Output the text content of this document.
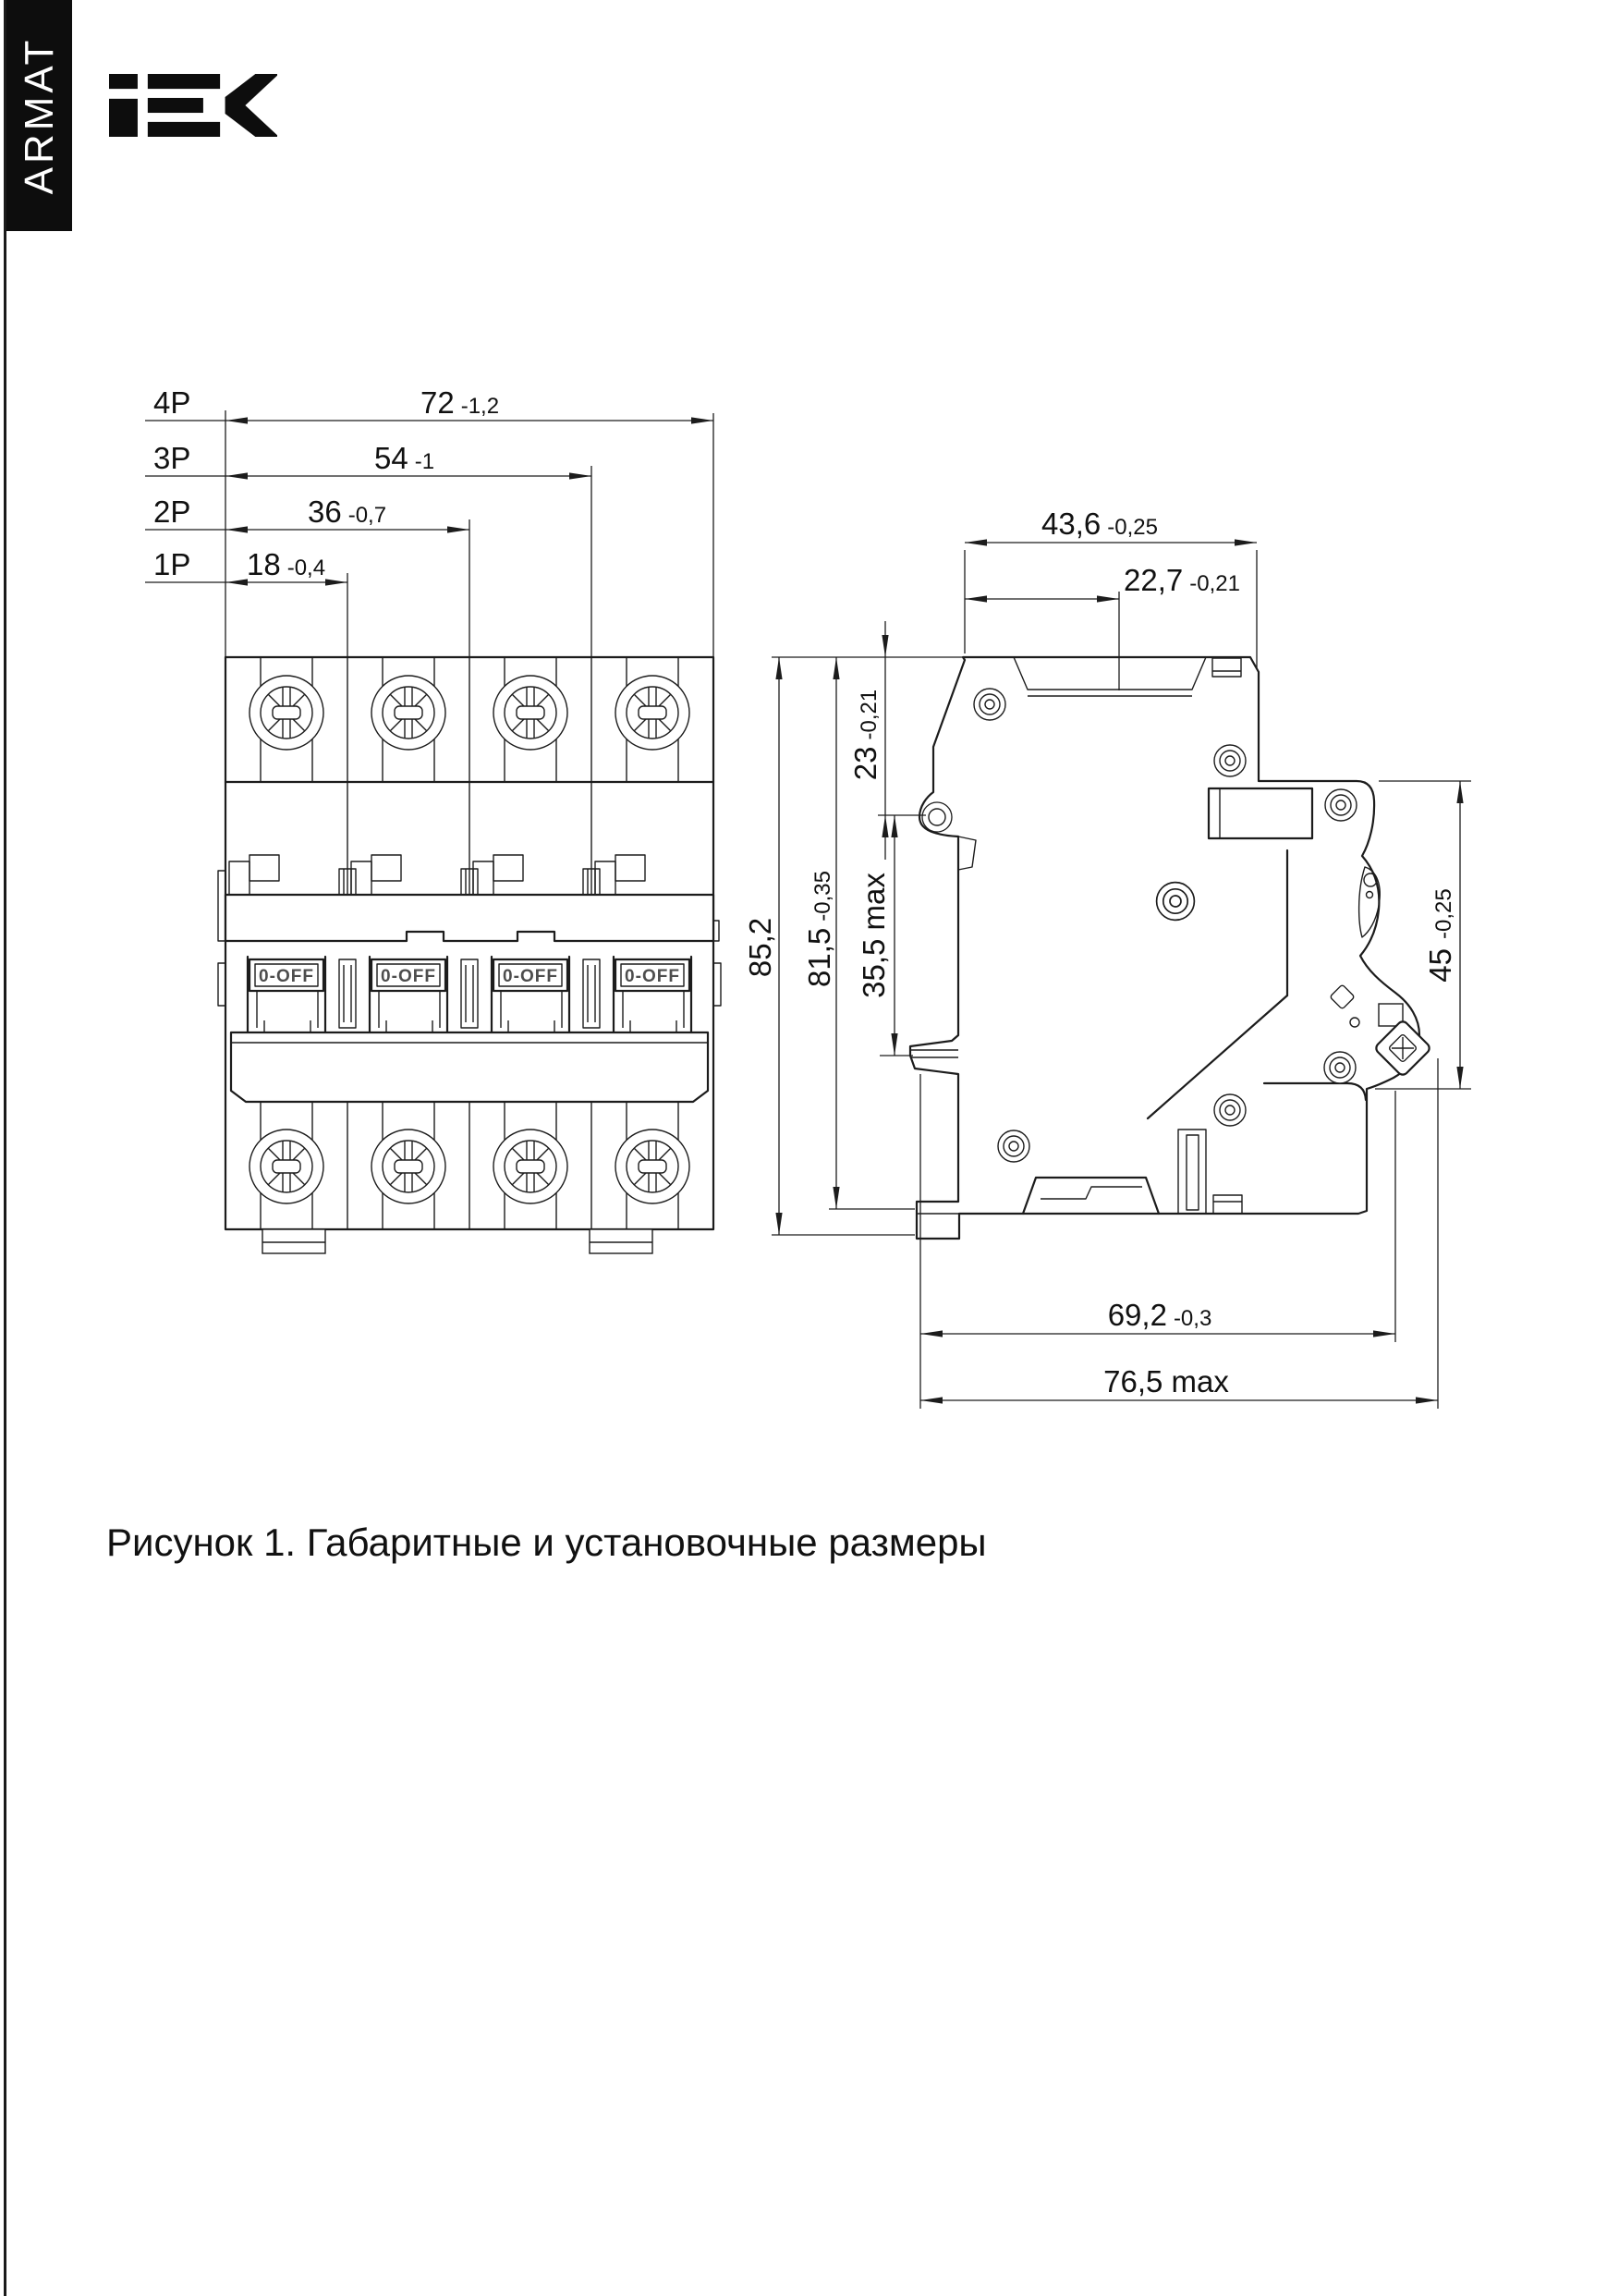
ARMAT
0-OFF	0-OFF	0-OFF	0-OFF
4P	72 -1,2
3P	54 -1
2P	36 -0,7
1P 18 -0,4
43,6 -0,25
22,7 -0,21
23-0,21
35,5 max
81,5-0,35
85,2	45-0,25
69,2 -0,3
76,5 max
Рисунок 1. Габаритные и установочные размеры
